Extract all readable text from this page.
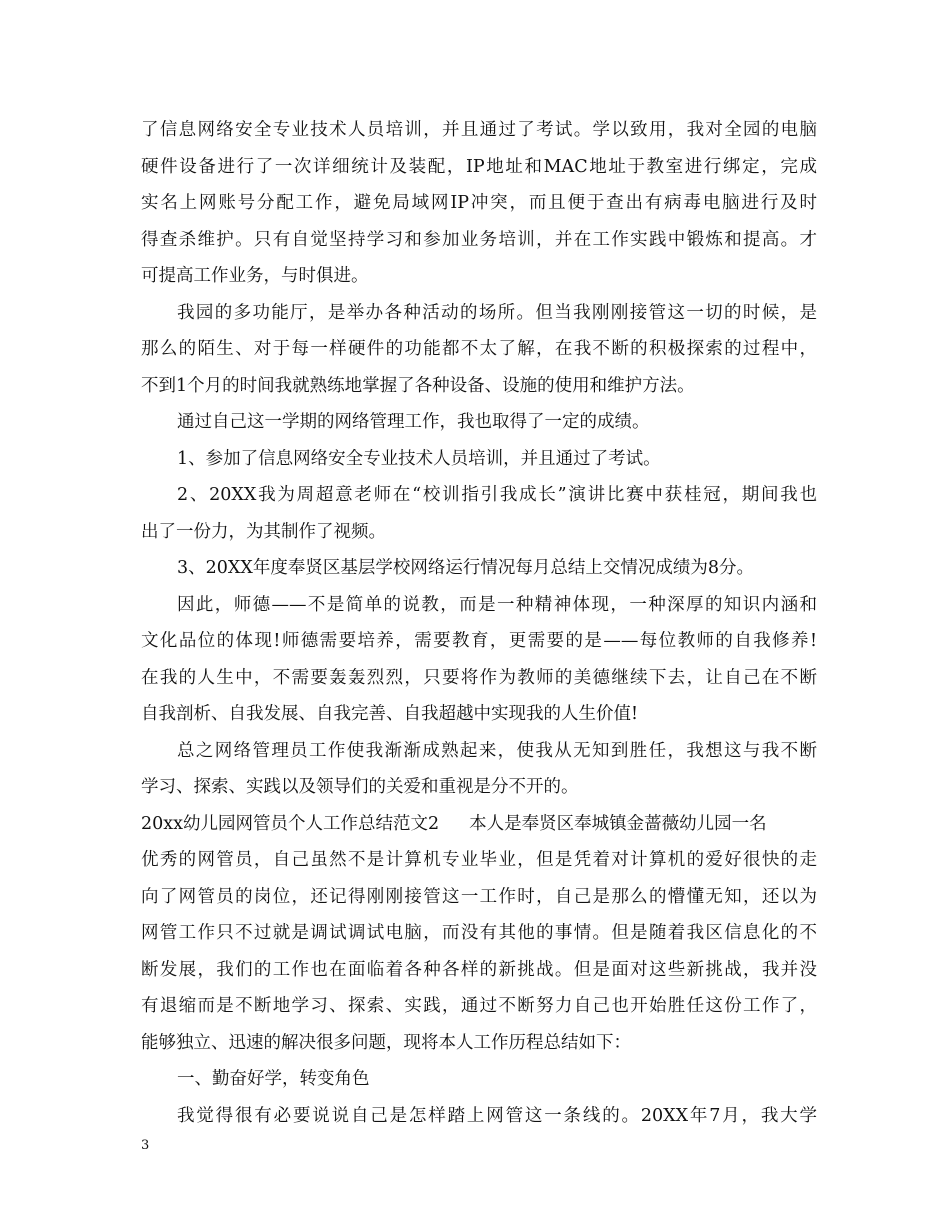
了信息网络安全专业技术人员培训，并且通过了考试。学以致用，我对全园的电脑
硬件设备进行了一次详细统计及装配，IP地址和MAC地址于教室进行绑定，完成
实名上网账号分配工作，避免局域网IP冲突，而且便于查出有病毒电脑进行及时
得查杀维护。只有自觉坚持学习和参加业务培训，并在工作实践中锻炼和提高。才
可提高工作业务，与时俱进。
我园的多功能厅，是举办各种活动的场所。但当我刚刚接管这一切的时候，是
那么的陌生、对于每一样硬件的功能都不太了解，在我不断的积极探索的过程中，
不到1个月的时间我就熟练地掌握了各种设备、设施的使用和维护方法。
通过自己这一学期的网络管理工作，我也取得了一定的成绩。
1、参加了信息网络安全专业技术人员培训，并且通过了考试。
2、20XX我为周超意老师在“校训指引我成长”演讲比赛中获桂冠，期间我也
出了一份力，为其制作了视频。
3、20XX年度奉贤区基层学校网络运行情况每月总结上交情况成绩为8分。
因此，师德——不是简单的说教，而是一种精神体现，一种深厚的知识内涵和
文化品位的体现!师德需要培养，需要教育，更需要的是——每位教师的自我修养!
在我的人生中，不需要轰轰烈烈，只要将作为教师的美德继续下去，让自己在不断
自我剖析、自我发展、自我完善、自我超越中实现我的人生价值!
总之网络管理员工作使我渐渐成熟起来，使我从无知到胜任，我想这与我不断
学习、探索、实践以及领导们的关爱和重视是分不开的。
20xx幼儿园网管员个人工作总结范文2 本人是奉贤区奉城镇金蔷薇幼儿园一名
优秀的网管员，自己虽然不是计算机专业毕业，但是凭着对计算机的爱好很快的走
向了网管员的岗位，还记得刚刚接管这一工作时，自己是那么的懵懂无知，还以为
网管工作只不过就是调试调试电脑，而没有其他的事情。但是随着我区信息化的不
断发展，我们的工作也在面临着各种各样的新挑战。但是面对这些新挑战，我并没
有退缩而是不断地学习、探索、实践，通过不断努力自己也开始胜任这份工作了，
能够独立、迅速的解决很多问题，现将本人工作历程总结如下：
一、勤奋好学，转变角色
我觉得很有必要说说自己是怎样踏上网管这一条线的。20XX年7月，我大学
3
